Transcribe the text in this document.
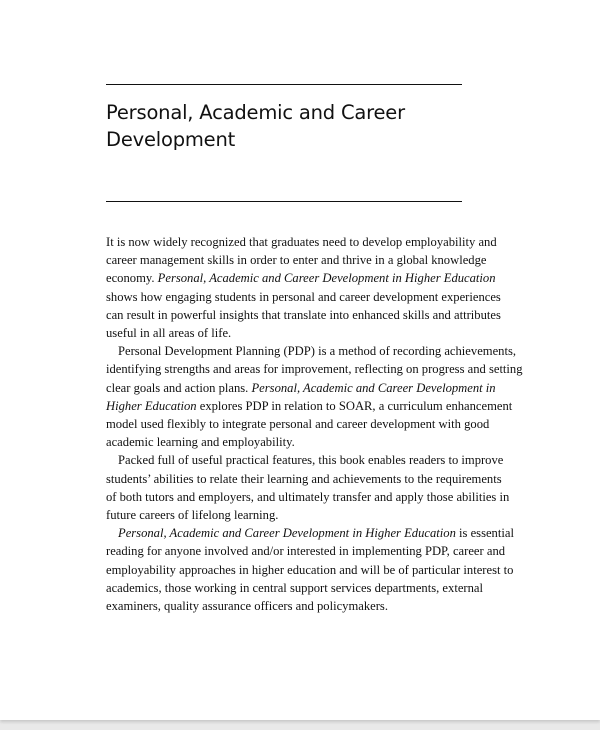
Personal, Academic and Career
Development

It is now widely recognized that graduates need to develop employability and
career management skills in order to enter and thrive in a global knowledge
economy. Personal, Academic and Career Development in Higher Education
shows how engaging students in personal and career development experiences
can result in powerful insights that translate into enhanced skills and attributes
useful in all areas of life.

Personal Development Planning (PDP) is a method of recording achievements,
identifying strengths and areas for improvement, reflecting on progress and setting
clear goals and action plans. Personal, Academic and Career Development in
Higher Education explores PDP in relation to SOAR, a curriculum enhancement
model used flexibly to integrate personal and career development with good
academic learning and employability.

Packed full of useful practical features, this book enables readers to improve
students’ abilities to relate their learning and achievements to the requirements
of both tutors and employers, and ultimately transfer and apply those abilities in
future careers of lifelong learning.

Personal, Academic and Career Development in Higher Education is essential
reading for anyone involved and/or interested in implementing PDP, career and
employability approaches in higher education and will be of particular interest to
academics, those working in central support services departments, external
examiners, quality assurance officers and policymakers.
